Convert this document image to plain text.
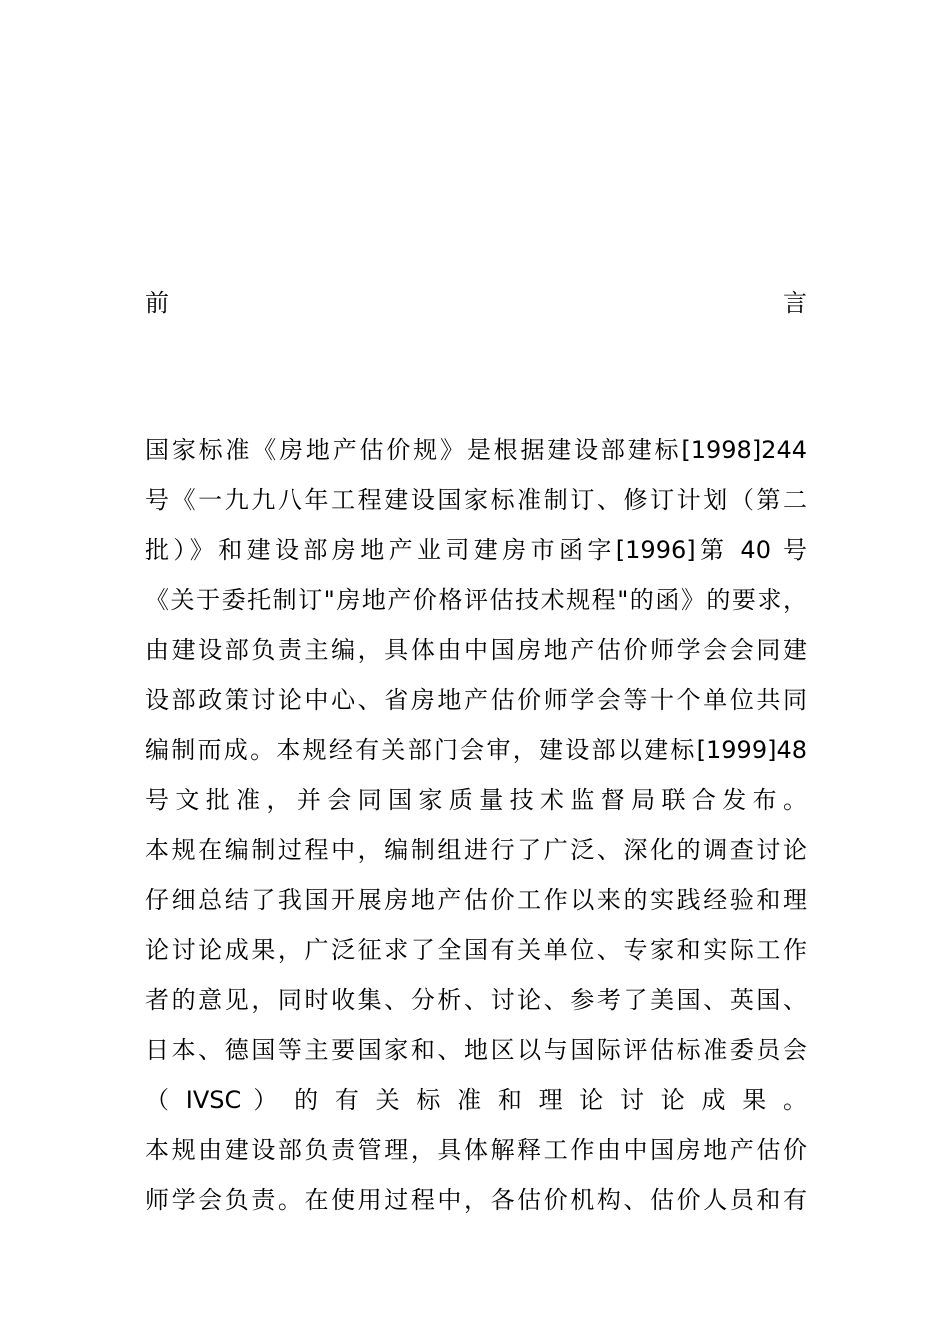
前	言
国家标准《房地产估价规》是根据建设部建标[1998]244
号《一九九八年工程建设国家标准制订、修订计划（第二
批）》和建设部房地产业司建房市函字[1996]第 40 号
《关于委托制订"房地产价格评估技术规程"的函》的要求，
由建设部负责主编，具体由中国房地产估价师学会会同建
设部政策讨论中心、省房地产估价师学会等十个单位共同
编制而成。本规经有关部门会审，建设部以建标[1999]48
号文批准，并会同国家质量技术监督局联合发布。
本规在编制过程中，编制组进行了广泛、深化的调查讨论
仔细总结了我国开展房地产估价工作以来的实践经验和理
论讨论成果，广泛征求了全国有关单位、专家和实际工作
者的意见，同时收集、分析、讨论、参考了美国、英国、
日本、德国等主要国家和、地区以与国际评估标准委员会
（ IVSC ） 的 有 关 标 准 和 理 论 讨 论 成 果 。
本规由建设部负责管理，具体解释工作由中国房地产估价
师学会负责。在使用过程中，各估价机构、估价人员和有
